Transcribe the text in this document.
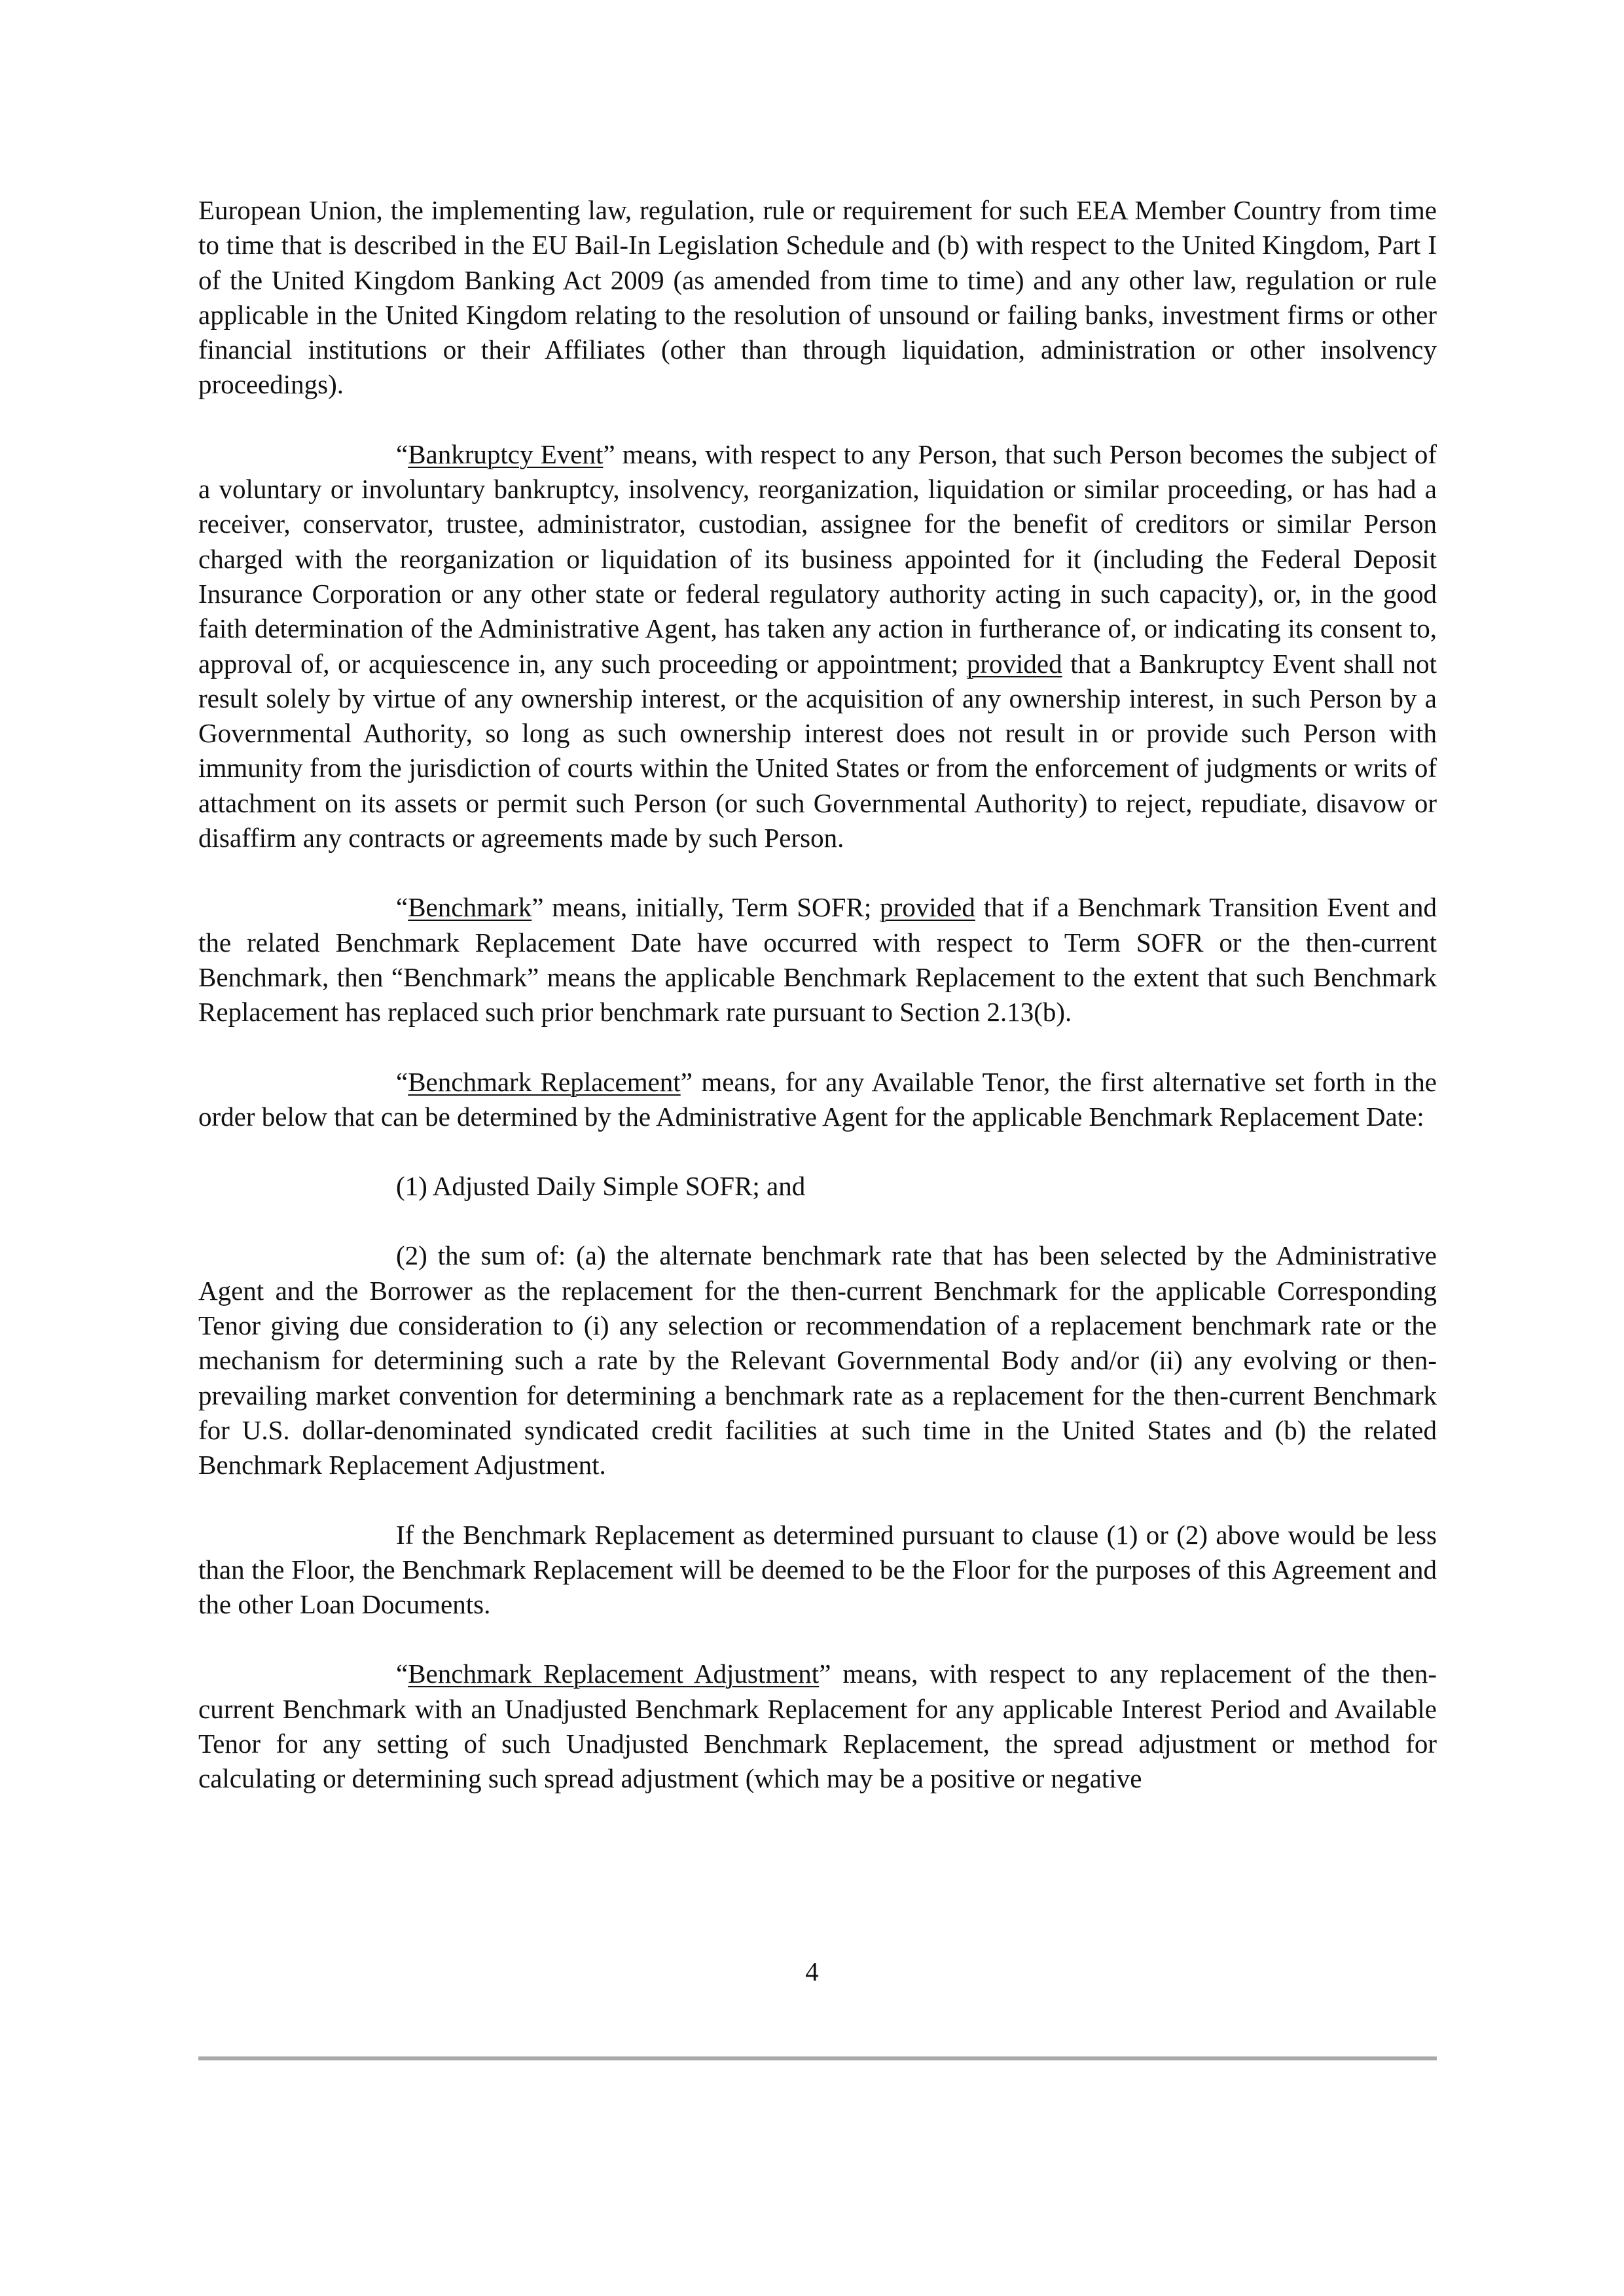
European Union, the implementing law, regulation, rule or requirement for such EEA Member Country from time to time that is described in the EU Bail-In Legislation Schedule and (b) with respect to the United Kingdom, Part I of the United Kingdom Banking Act 2009 (as amended from time to time) and any other law, regulation or rule applicable in the United Kingdom relating to the resolution of unsound or failing banks, investment firms or other financial institutions or their Affiliates (other than through liquidation, administration or other insolvency proceedings).

“Bankruptcy Event” means, with respect to any Person, that such Person becomes the subject of a voluntary or involuntary bankruptcy, insolvency, reorganization, liquidation or similar proceeding, or has had a receiver, conservator, trustee, administrator, custodian, assignee for the benefit of creditors or similar Person charged with the reorganization or liquidation of its business appointed for it (including the Federal Deposit Insurance Corporation or any other state or federal regulatory authority acting in such capacity), or, in the good faith determination of the Administrative Agent, has taken any action in furtherance of, or indicating its consent to, approval of, or acquiescence in, any such proceeding or appointment; provided that a Bankruptcy Event shall not result solely by virtue of any ownership interest, or the acquisition of any ownership interest, in such Person by a Governmental Authority, so long as such ownership interest does not result in or provide such Person with immunity from the jurisdiction of courts within the United States or from the enforcement of judgments or writs of attachment on its assets or permit such Person (or such Governmental Authority) to reject, repudiate, disavow or disaffirm any contracts or agreements made by such Person.

“Benchmark” means, initially, Term SOFR; provided that if a Benchmark Transition Event and the related Benchmark Replacement Date have occurred with respect to Term SOFR or the then-current Benchmark, then “Benchmark” means the applicable Benchmark Replacement to the extent that such Benchmark Replacement has replaced such prior benchmark rate pursuant to Section 2.13(b).

“Benchmark Replacement” means, for any Available Tenor, the first alternative set forth in the order below that can be determined by the Administrative Agent for the applicable Benchmark Replacement Date:

(1) Adjusted Daily Simple SOFR; and

(2) the sum of: (a) the alternate benchmark rate that has been selected by the Administrative Agent and the Borrower as the replacement for the then-current Benchmark for the applicable Corresponding Tenor giving due consideration to (i) any selection or recommendation of a replacement benchmark rate or the mechanism for determining such a rate by the Relevant Governmental Body and/or (ii) any evolving or then-prevailing market convention for determining a benchmark rate as a replacement for the then-current Benchmark for U.S. dollar-denominated syndicated credit facilities at such time in the United States and (b) the related Benchmark Replacement Adjustment.

If the Benchmark Replacement as determined pursuant to clause (1) or (2) above would be less than the Floor, the Benchmark Replacement will be deemed to be the Floor for the purposes of this Agreement and the other Loan Documents.

“Benchmark Replacement Adjustment” means, with respect to any replacement of the then-current Benchmark with an Unadjusted Benchmark Replacement for any applicable Interest Period and Available Tenor for any setting of such Unadjusted Benchmark Replacement, the spread adjustment or method for calculating or determining such spread adjustment (which may be a positive or negative

4
